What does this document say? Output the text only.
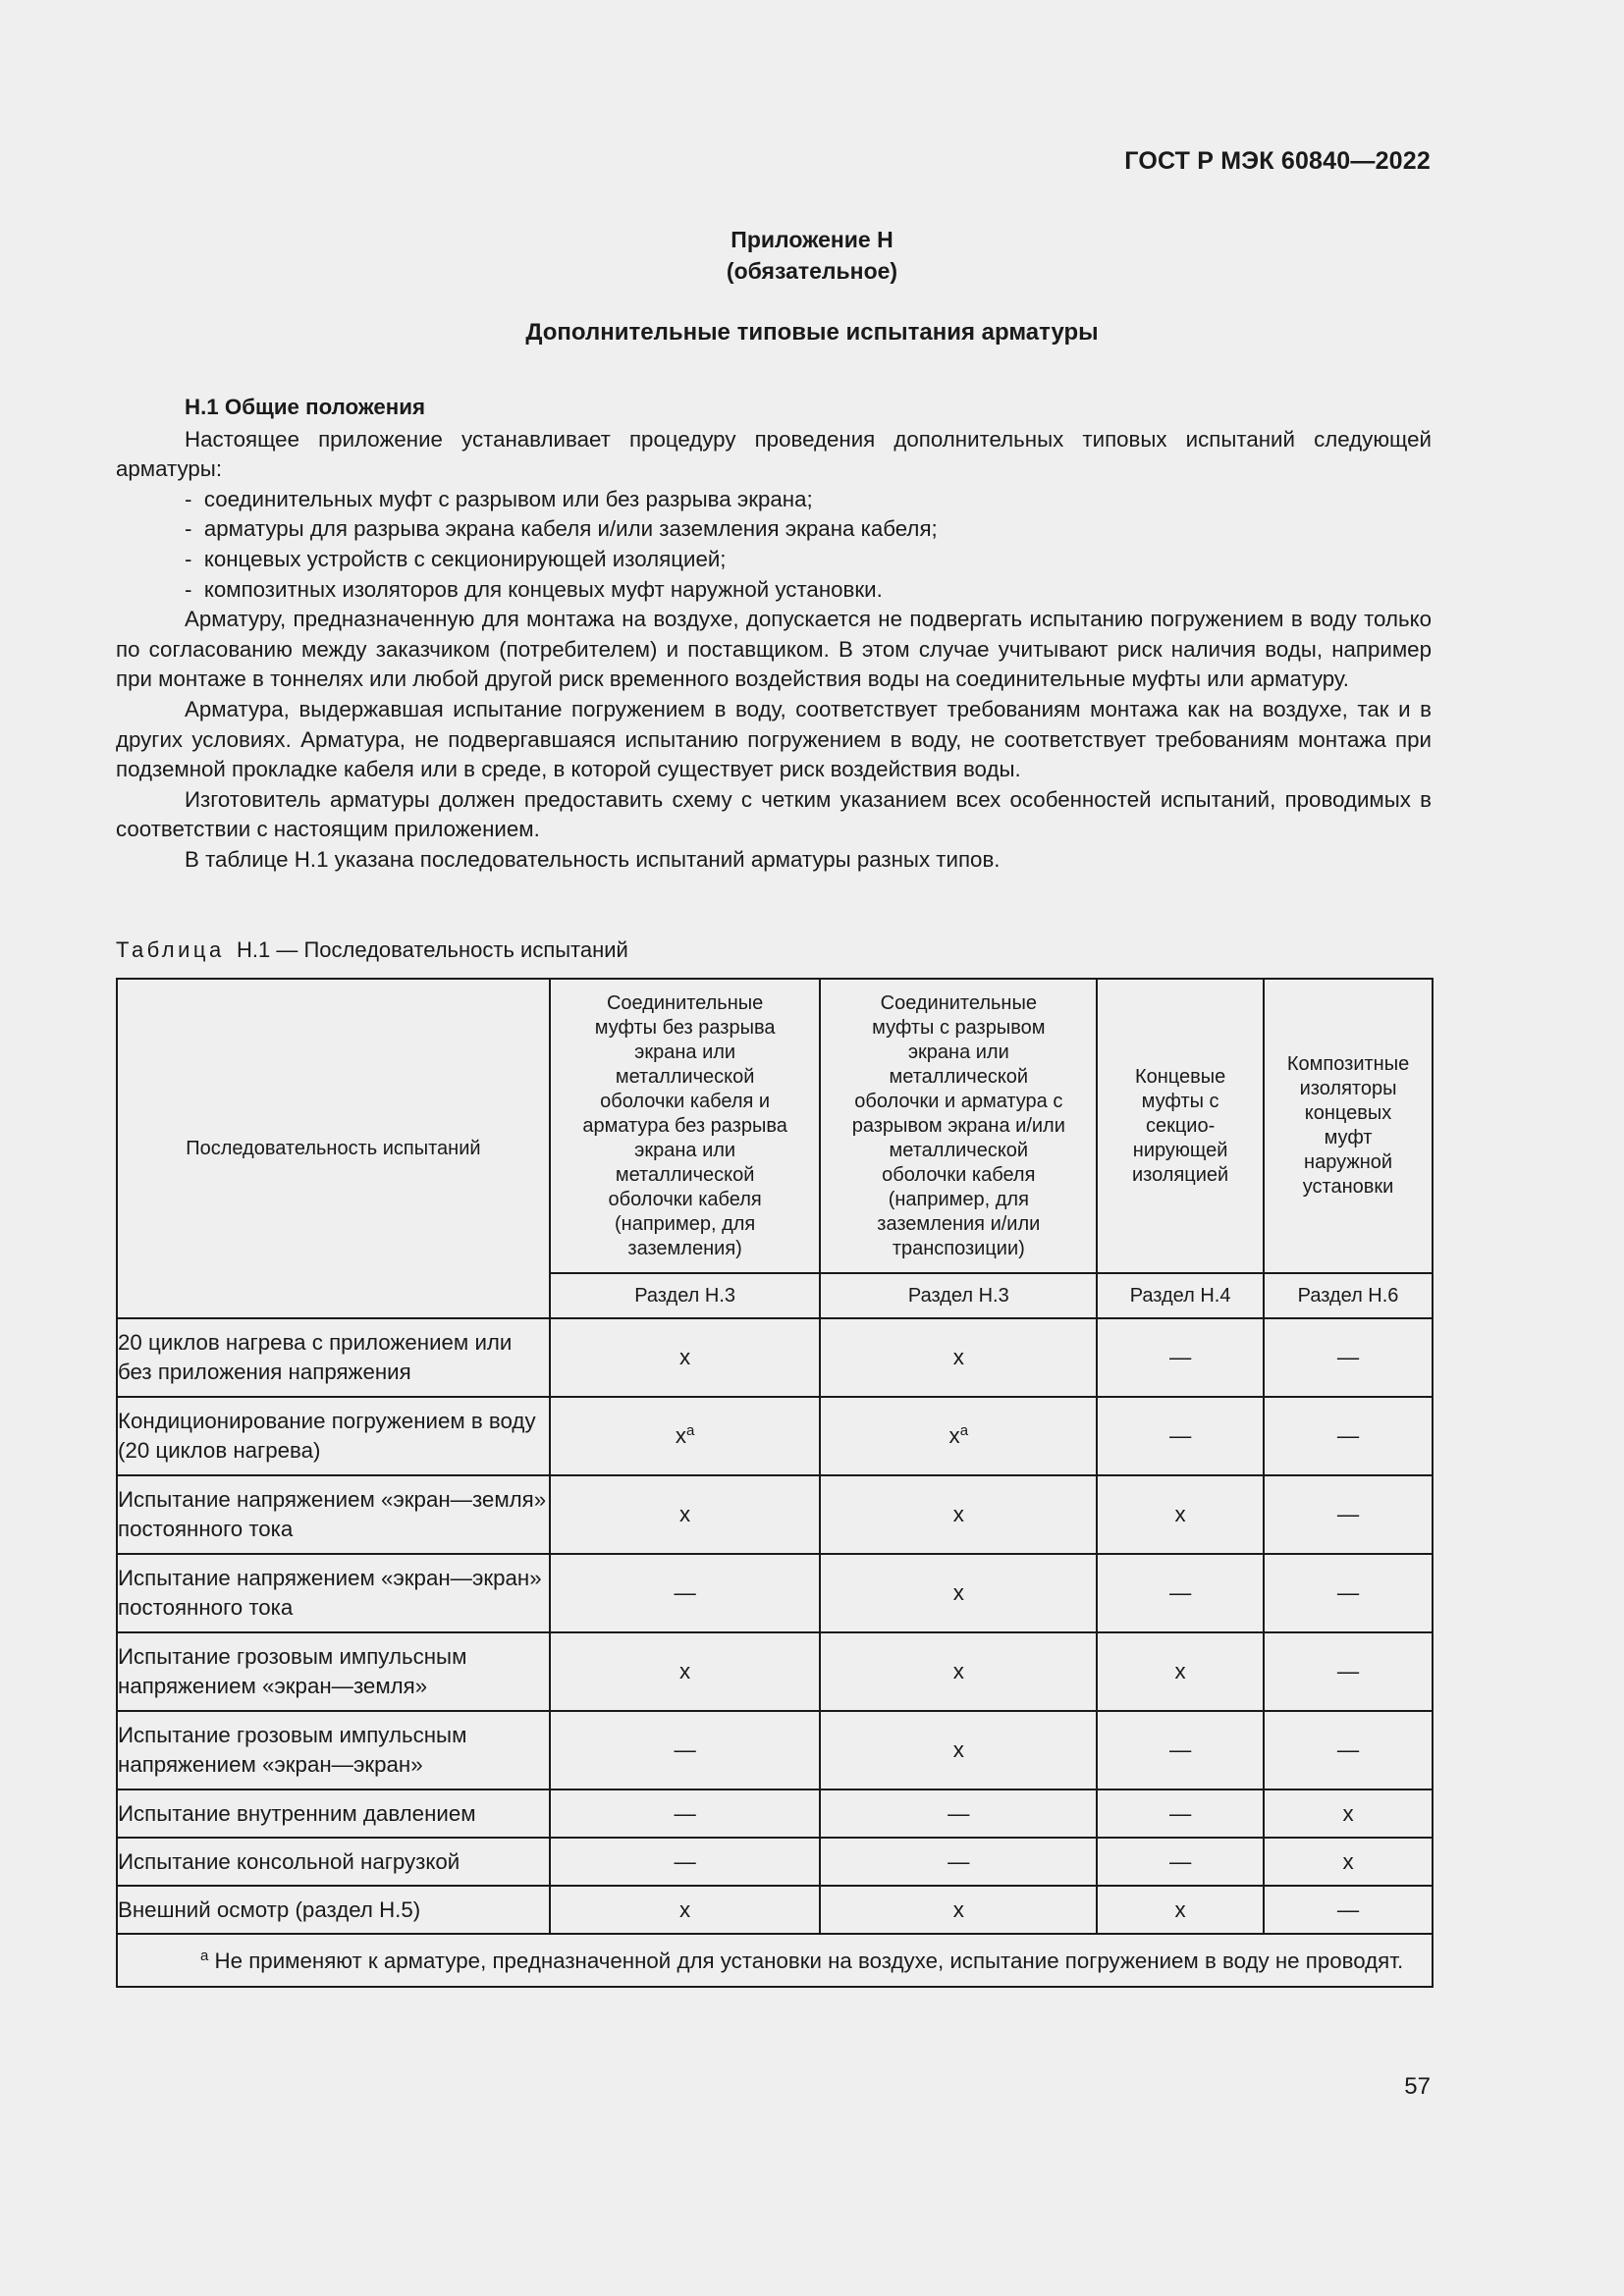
ГОСТ Р МЭК 60840—2022
Приложение Н
(обязательное)
Дополнительные типовые испытания арматуры

Н.1 Общие положения

Настоящее приложение устанавливает процедуру проведения дополнительных типовых испытаний следующей арматуры:

-  соединительных муфт с разрывом или без разрыва экрана;
-  арматуры для разрыва экрана кабеля и/или заземления экрана кабеля;
-  концевых устройств с секционирующей изоляцией;
-  композитных изоляторов для концевых муфт наружной установки.

Арматуру, предназначенную для монтажа на воздухе, допускается не подвергать испытанию погружением в воду только по согласованию между заказчиком (потребителем) и поставщиком. В этом случае учитывают риск наличия воды, например при монтаже в тоннелях или любой другой риск временного воздействия воды на соединительные муфты или арматуру.

Арматура, выдержавшая испытание погружением в воду, соответствует требованиям монтажа как на воздухе, так и в других условиях. Арматура, не подвергавшаяся испытанию погружением в воду, не соответствует требованиям монтажа при подземной прокладке кабеля или в среде, в которой существует риск воздействия воды.

Изготовитель арматуры должен предоставить схему с четким указанием всех особенностей испытаний, проводимых в соответствии с настоящим приложением.

В таблице Н.1 указана последовательность испытаний арматуры разных типов.

Таблица Н.1 — Последовательность испытаний
Последовательность испытаний	Соединительные муфты без разрыва экрана или металлической оболочки кабеля и арматура без разрыва экрана или металлической оболочки кабеля (например, для заземления)	Соединительные муфты с разрывом экрана или металлической оболочки и арматура с разрывом экрана и/или металлической оболочки кабеля (например, для заземления и/или транспозиции)	Концевые муфты с секционирующей изоляцией	Композитные изоляторы концевых муфт наружной установки
	Раздел Н.3	Раздел Н.3	Раздел Н.4	Раздел Н.6
20 циклов нагрева с приложением или без приложения напряжения	х	х	—	—
Кондиционирование погружением в воду (20 циклов нагрева)	$х^а$	$х^а$	—	—
Испытание напряжением «экран—земля» постоянного тока	х	х	х	—
Испытание напряжением «экран—экран» постоянного тока	—	х	—	—
Испытание грозовым импульсным напряжением «экран—земля»	х	х	х	—
Испытание грозовым импульсным напряжением «экран—экран»	—	х	—	—
Испытание внутренним давлением	—	—	—	х
Испытание консольной нагрузкой	—	—	—	х
Внешний осмотр (раздел Н.5)	х	х	х	—
$^а$ Не применяют к арматуре, предназначенной для установки на воздухе, испытание погружением в воду не проводят.				
57
